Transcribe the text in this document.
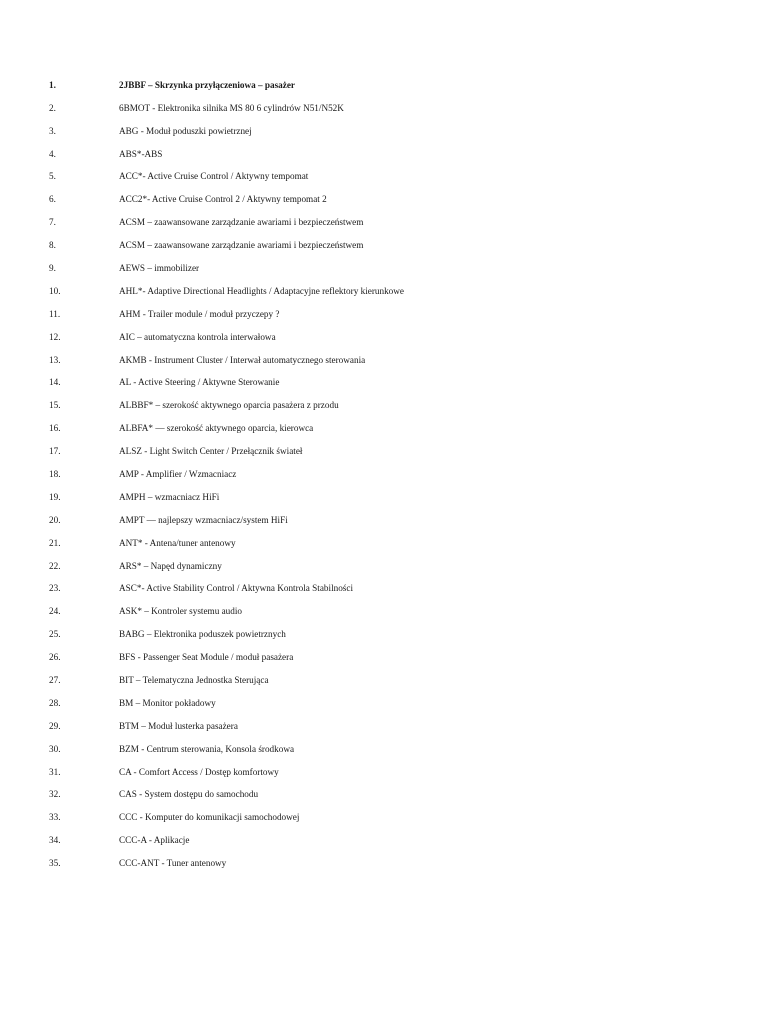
1.	2JBBF – Skrzynka przyłączeniowa – pasażer
2.	6BMOT - Elektronika silnika MS 80 6 cylindrów N51/N52K
3.	ABG - Moduł poduszki powietrznej
4.	ABS*-ABS
5.	ACC*- Active Cruise Control / Aktywny tempomat
6.	ACC2*- Active Cruise Control 2 / Aktywny tempomat 2
7.	ACSM – zaawansowane zarządzanie awariami i bezpieczeństwem
8.	ACSM – zaawansowane zarządzanie awariami i bezpieczeństwem
9.	AEWS – immobilizer
10.	AHL*- Adaptive Directional Headlights / Adaptacyjne reflektory kierunkowe
11.	AHM - Trailer module / moduł przyczepy ?
12.	AIC – automatyczna kontrola interwałowa
13.	AKMB - Instrument Cluster / Interwał automatycznego sterowania
14.	AL - Active Steering / Aktywne Sterowanie
15.	ALBBF* – szerokość aktywnego oparcia pasażera z przodu
16.	ALBFA* — szerokość aktywnego oparcia, kierowca
17.	ALSZ - Light Switch Center / Przełącznik świateł
18.	AMP - Amplifier / Wzmacniacz
19.	AMPH – wzmacniacz HiFi
20.	AMPT — najlepszy wzmacniacz/system HiFi
21.	ANT* - Antena/tuner antenowy
22.	ARS* – Napęd dynamiczny
23.	ASC*- Active Stability Control / Aktywna Kontrola Stabilności
24.	ASK* – Kontroler systemu audio
25.	BABG – Elektronika poduszek powietrznych
26.	BFS - Passenger Seat Module / moduł pasażera
27.	BIT – Telematyczna Jednostka Sterująca
28.	BM – Monitor pokładowy
29.	BTM – Moduł lusterka pasażera
30.	BZM - Centrum sterowania, Konsola środkowa
31.	CA - Comfort Access / Dostęp komfortowy
32.	CAS - System dostępu do samochodu
33.	CCC - Komputer do komunikacji samochodowej
34.	CCC-A - Aplikacje
35.	CCC-ANT - Tuner antenowy
